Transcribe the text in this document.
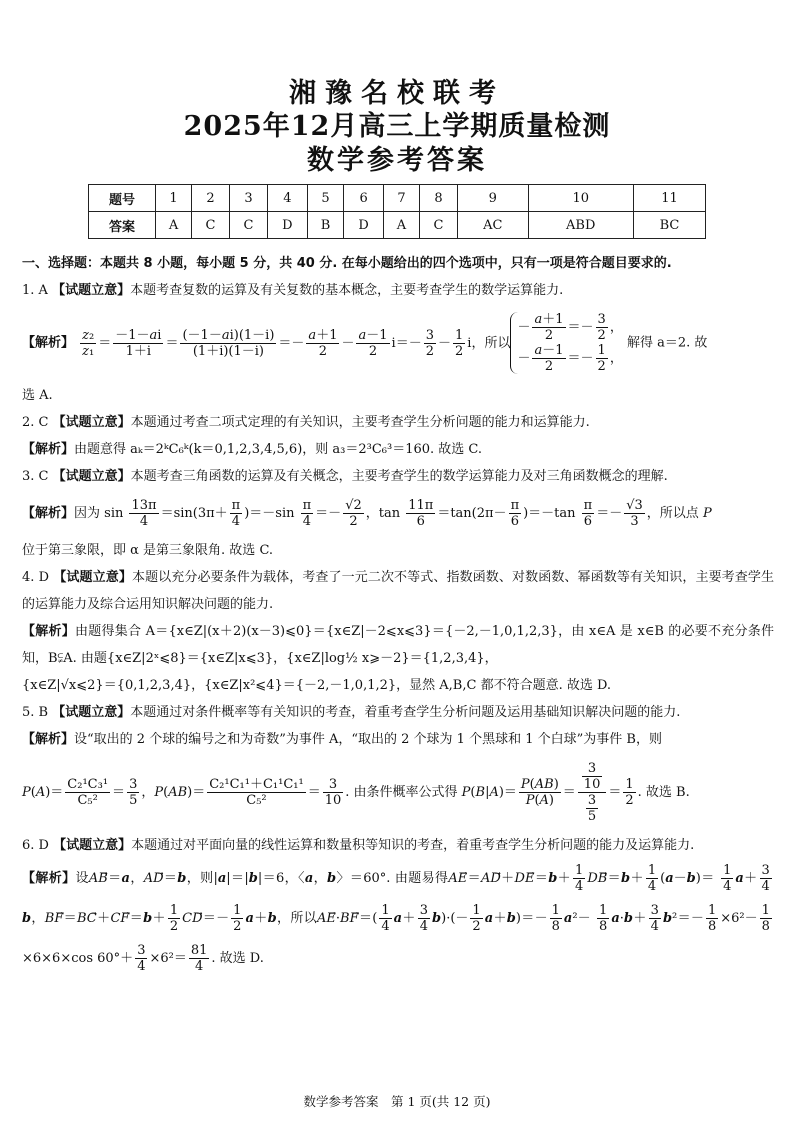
湘豫名校联考
2025年12月高三上学期质量检测
数学参考答案
题号	1	2	3	4	5	6	7	8	9	10	11
答案	A	C	C	D	B	D	A	C	AC	ABD	BC

一、选择题：本题共 8 小题，每小题 5 分，共 40 分. 在每小题给出的四个选项中，只有一项是符合题目要求的.

1. A 【试题立意】本题考查复数的运算及有关复数的基本概念，主要考查学生的数学运算能力.

【解析】 $\frac{\text{z₂}}{\text{z₁}} = \frac{-1-ai}{1+i} = \frac{(-1-ai)(1-i)}{(1+i)(1-i)} =- \frac{a+1}{2} - \frac{a-1}{2} i=- \frac{3}{2} - \frac{1}{2}$ i，所以－ $\frac{a+1}{2} =- \frac{3}{2}$ ，
－ $\frac{a-1}{2} =- \frac{1}{2}$ ， 解得 a＝2. 故

选 A.

2. C 【试题立意】本题通过考查二项式定理的有关知识，主要考查学生分析问题的能力和运算能力.

【解析】由题意得 aₖ＝2ᵏC₆ᵏ(k＝0,1,2,3,4,5,6)，则 a₃＝2³C₆³＝160. 故选 C.

3. C 【试题立意】本题考查三角函数的运算及有关概念，主要考查学生的数学运算能力及对三角函数概念的理解.

【解析】因为 $\sin \frac{13\pi}{4} =\sin(3\pi+ \frac{\pi}{4} )=-\sin \frac{\pi}{4} =- \frac{√2}{2}$ ，$\tan \frac{11\pi}{6} =\tan(2\pi- \frac{\pi}{6} )=-\tan \frac{\pi}{6} =- \frac{√3}{3}$ ，所以点 P

位于第三象限，即 α 是第三象限角. 故选 C.

4. D 【试题立意】本题以充分必要条件为载体，考查了一元二次不等式、指数函数、对数函数、幂函数等有关知识，主要考查学生的运算能力及综合运用知识解决问题的能力.

【解析】由题得集合 A＝{x∈Z|(x＋2)(x－3)⩽0}＝{x∈Z|－2⩽x⩽3}＝{－2,－1,0,1,2,3}，由 x∈A 是 x∈B 的必要不充分条件知，B⫋A. 由题{x∈Z|2ˣ⩽8}＝{x∈Z|x⩽3}，{x∈Z|log½ x⩾－2}＝{1,2,3,4}，

{x∈Z|√x⩽2}＝{0,1,2,3,4}，{x∈Z|x²⩽4}＝{－2,－1,0,1,2}，显然 A,B,C 都不符合题意. 故选 D.

5. B 【试题立意】本题通过对条件概率等有关知识的考查，着重考查学生分析问题及运用基础知识解决问题的能力.

【解析】设“取出的 2 个球的编号之和为奇数”为事件 A，“取出的 2 个球为 1 个黑球和 1 个白球”为事件 B，则

$P(A)= \frac{\text{C₂¹C₃¹}}{\text{C₅²}} = \frac{3}{5}$ ，$P(AB)= \frac{\text{C₂¹C₁¹＋C₁¹C₁¹}}{\text{C₅²}} = \frac{3}{10}$ . 由条件概率公式得 $P(B|A)= \frac{P(AB)}{P(A)} = \frac{\frac{3}{10}}{\frac{3}{5}} = \frac{1}{2}$ . 故选 B.

6. D 【试题立意】本题通过对平面向量的线性运算和数量积等知识的考查，着重考查学生分析问题的能力及运算能力.

【解析】设AB⃗＝a，AD⃗＝b，则|a|＝|b|＝6，〈a，b〉＝60°. 由题易得AE⃗＝AD⃗＋DE⃗＝b＋ $\frac{1}{4}$ DB⃗＝b＋ $\frac{1}{4} (a-b)= \frac{1}{4} a+ \frac{3}{4}$
b，BF⃗＝BC⃗＋CF⃗＝b＋ $\frac{1}{2}$ CD⃗＝－ $\frac{1}{2} a+b$，所以AE⃗·BF⃗＝( $\frac{1}{4} a+ \frac{3}{4} b)\cdot(- \frac{1}{2} a+b)=- \frac{1}{8} a^2- \frac{1}{8} a\cdot b+ \frac{3}{4} b^2=- \frac{1}{8} \times 6^2- \frac{1}{8}$
×6×6×cos $60^\circ+ \frac{3}{4} \times 6^2= \frac{81}{4}$ . 故选 D.

数学参考答案　第 1 页(共 12 页)
